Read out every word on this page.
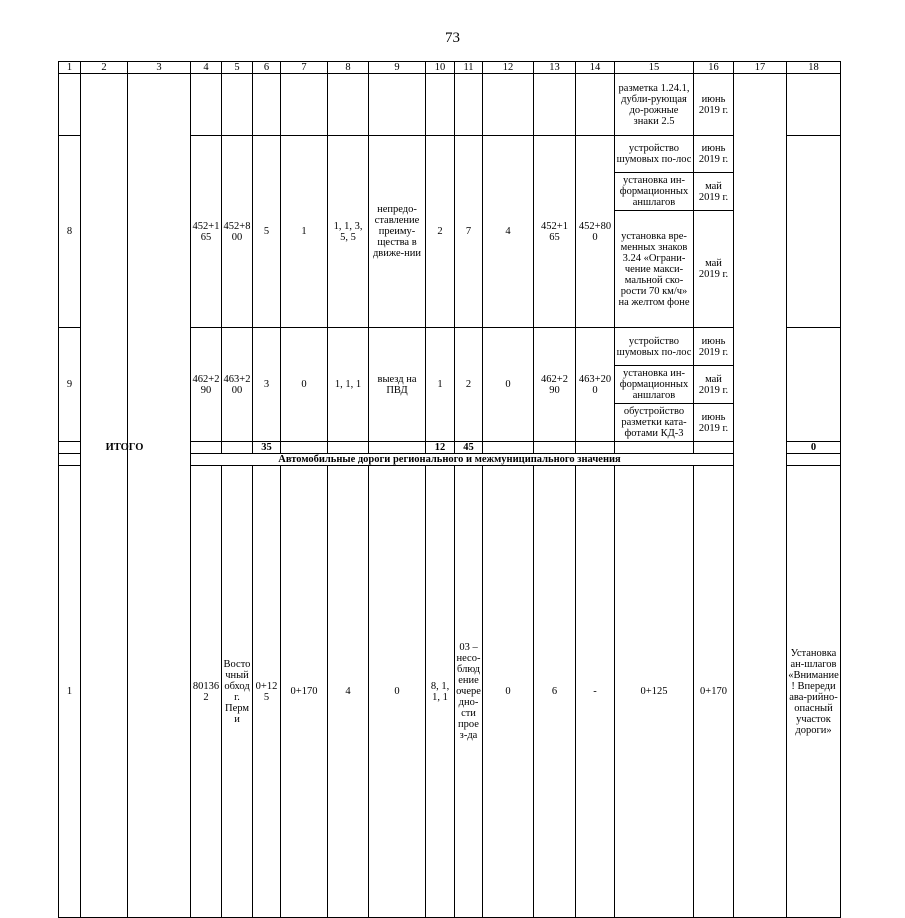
73
1	2	3	4	5	6	7	8	9	10	11	12	13	14	15	16	17	18	
														разметка 1.24.1, дубли-рующая до-рожные знаки 2.5	июнь 2019 г.			
8			452+1 65	452+8 00	5	1	1, 1, 3, 5, 5	непредо-ставление преиму-щества в движе-нии	2	7	4	452+1 65	452+80 0	устройство шумовых по-лос	июнь 2019 г.			
														установка ин-формационных аншлагов	май 2019 г.			
														установка вре-менных знаков 3.24 «Ограни-чение макси-мальной ско-рости 70 км/ч» на желтом фоне	май 2019 г.			
9			462+2 90	463+2 00	3	0	1, 1, 1	выезд на ПВД	1	2	0	462+2 90	463+20 0	устройство шумовых по-лос	июнь 2019 г.			
														установка ин-формационных аншлагов	май 2019 г.			
														обустройство разметки ката-фотами КД-3	июнь 2019 г.			
ИТОГО					35				12	45							0	
Автомобильные дороги регионального и межмуниципального значения																		
1			801362	Восточный обход г. Перми	0+125	0+170	4	0	8, 1, 1, 1	03 – несо-блюдение очередно-сти проез-да	0	6	-	0+125	0+170		Установка ан-шлагов «Внимание! Впереди ава-рийно-опасный участок дороги»			
